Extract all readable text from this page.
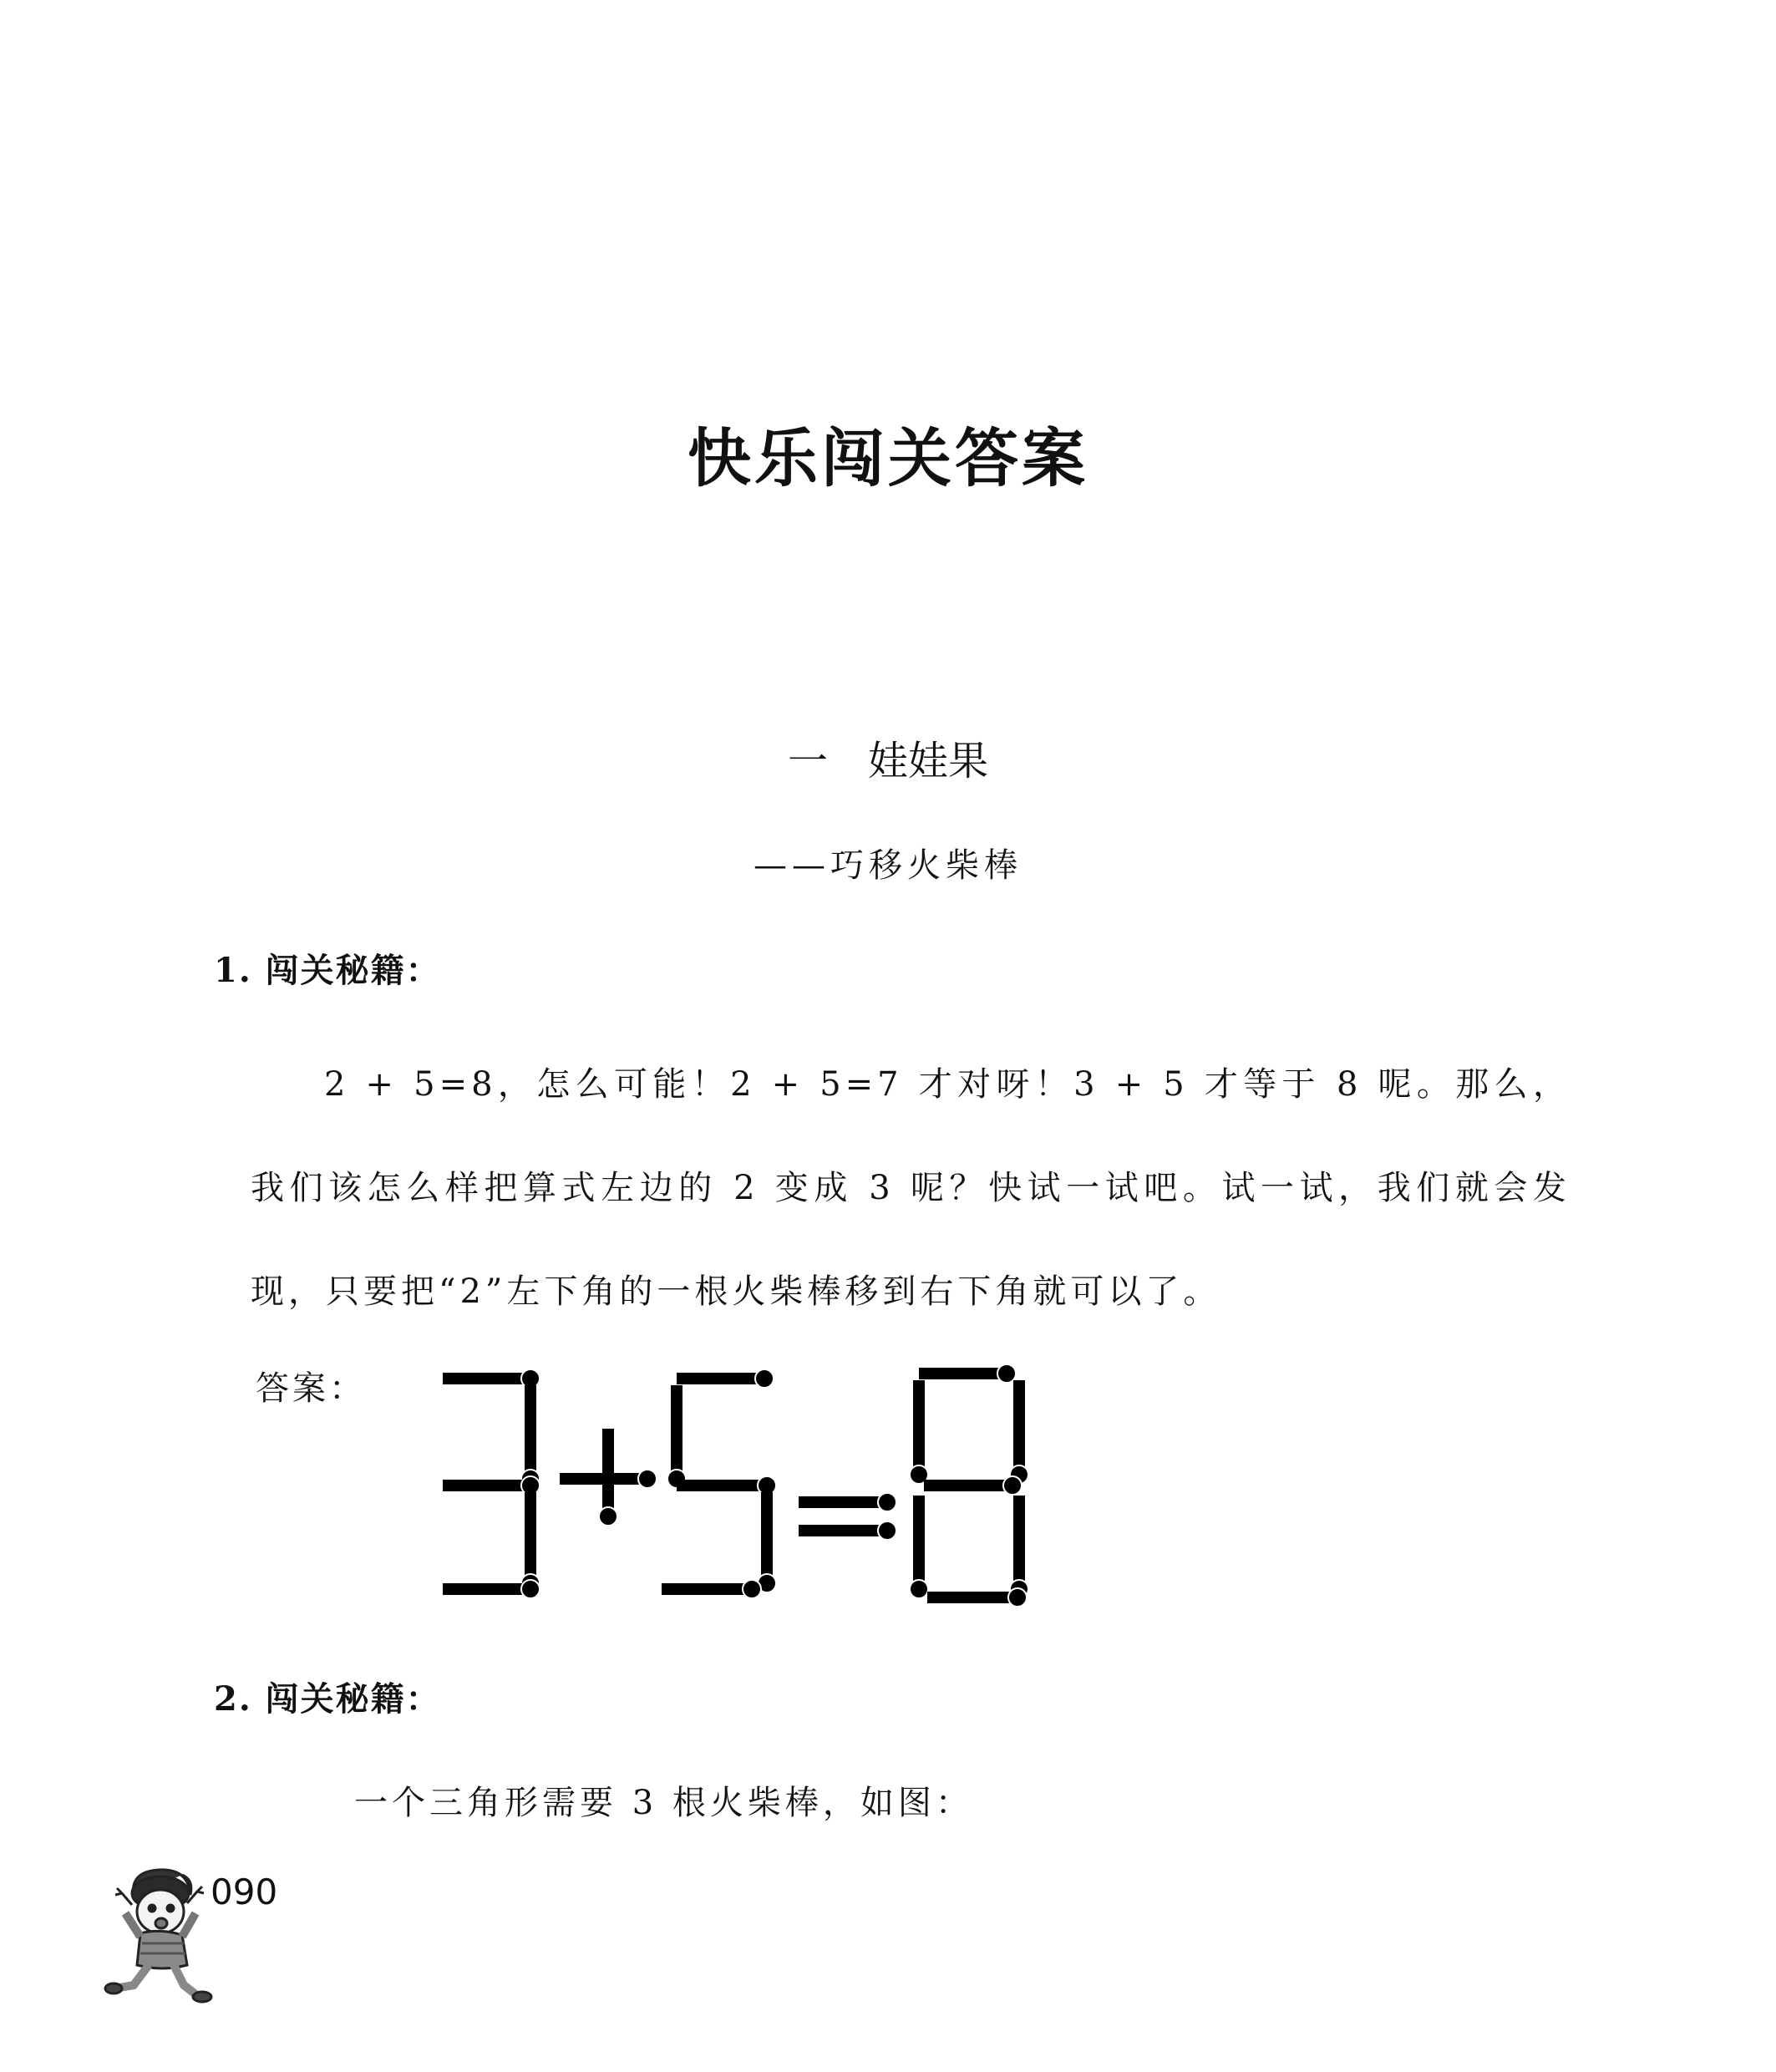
快乐闯关答案
一　娃娃果
——巧移火柴棒
1. 闯关秘籍：

2 + 5=8，怎么可能！2 + 5=7 才对呀！3 + 5 才等于 8 呢。那么，我们该怎么样把算式左边的 2 变成 3 呢？快试一试吧。试一试，我们就会发现，只要把“2”左下角的一根火柴棒移到右下角就可以了。

答案：
2. 闯关秘籍：

一个三角形需要 3 根火柴棒，如图：

090
